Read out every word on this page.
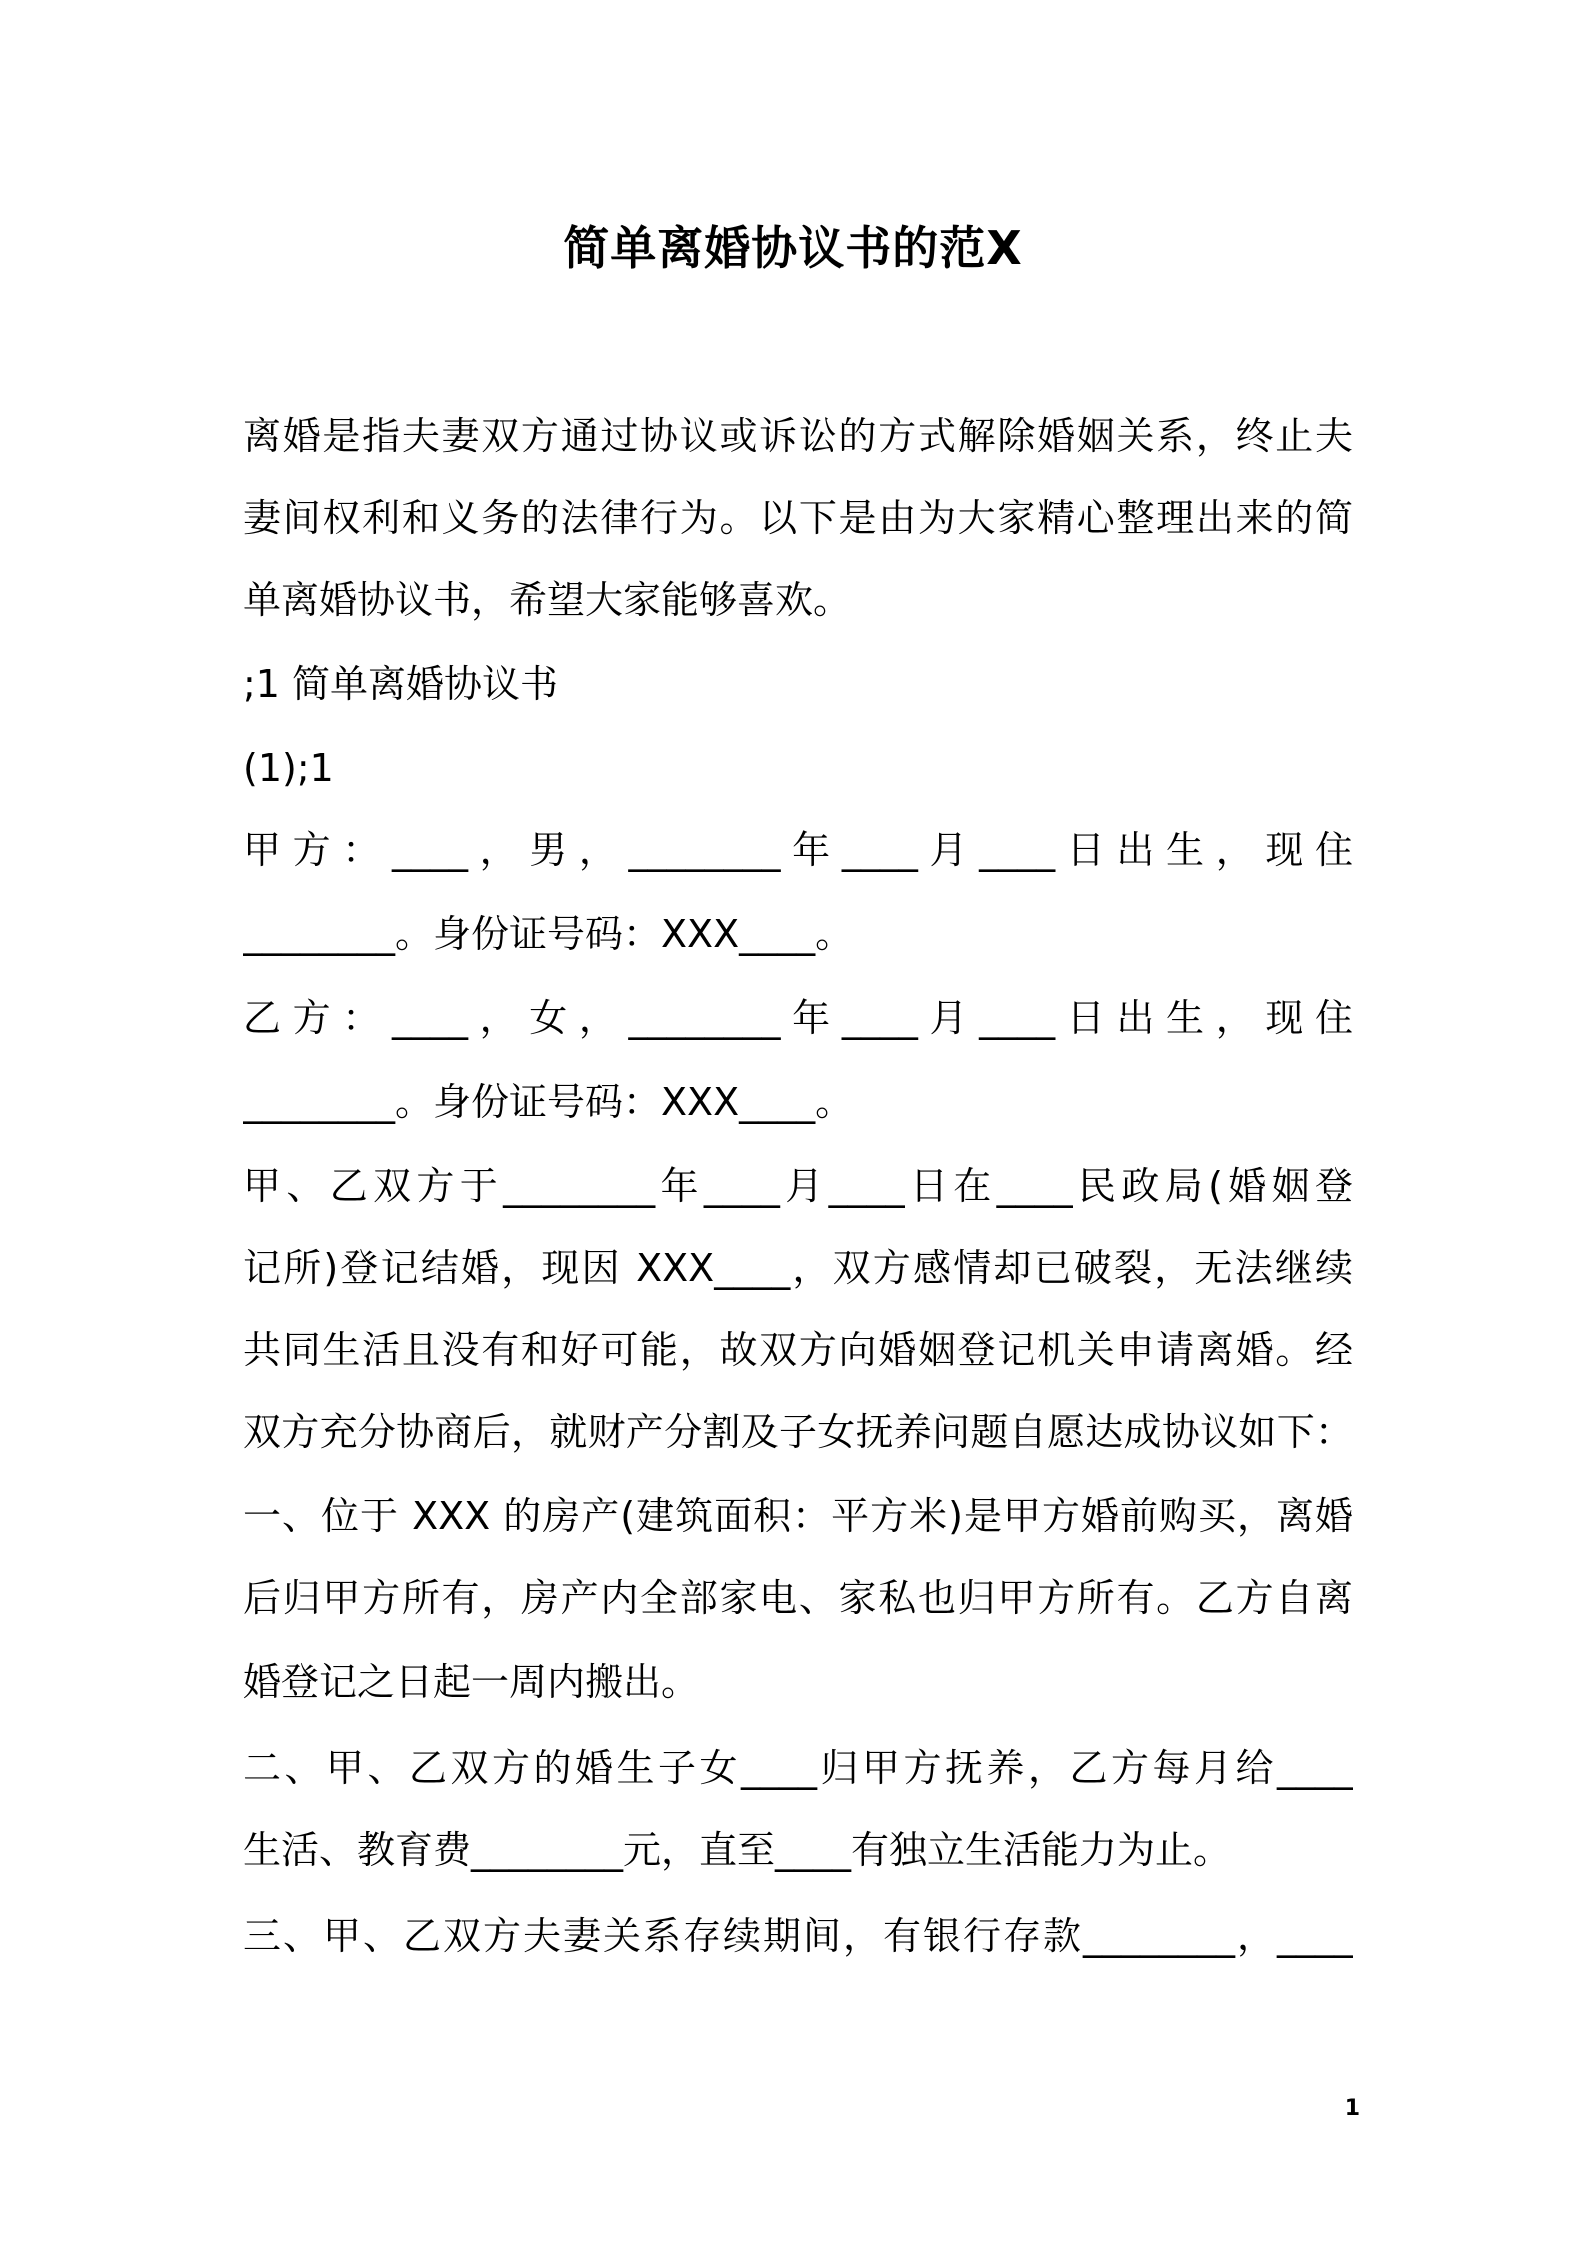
简单离婚协议书的范X
离婚是指夫妻双方通过协议或诉讼的方式解除婚姻关系，终止夫
妻间权利和义务的法律行为。以下是由为大家精心整理出来的简
单离婚协议书，希望大家能够喜欢。
;1 简单离婚协议书
(1);1
甲方：____，男，________年____月____日出生，现住
________。身份证号码：XXX____。
乙方：____，女，________年____月____日出生，现住
________。身份证号码：XXX____。
甲、乙双方于________年____月____日在____民政局(婚姻登
记所)登记结婚，现因 XXX____，双方感情却已破裂，无法继续
共同生活且没有和好可能，故双方向婚姻登记机关申请离婚。经
双方充分协商后，就财产分割及子女抚养问题自愿达成协议如下：
一、位于 XXX 的房产(建筑面积：平方米)是甲方婚前购买，离婚
后归甲方所有，房产内全部家电、家私也归甲方所有。乙方自离
婚登记之日起一周内搬出。
二、甲、乙双方的婚生子女____归甲方抚养，乙方每月给____
生活、教育费________元，直至____有独立生活能力为止。
三、甲、乙双方夫妻关系存续期间，有银行存款________，____
1
